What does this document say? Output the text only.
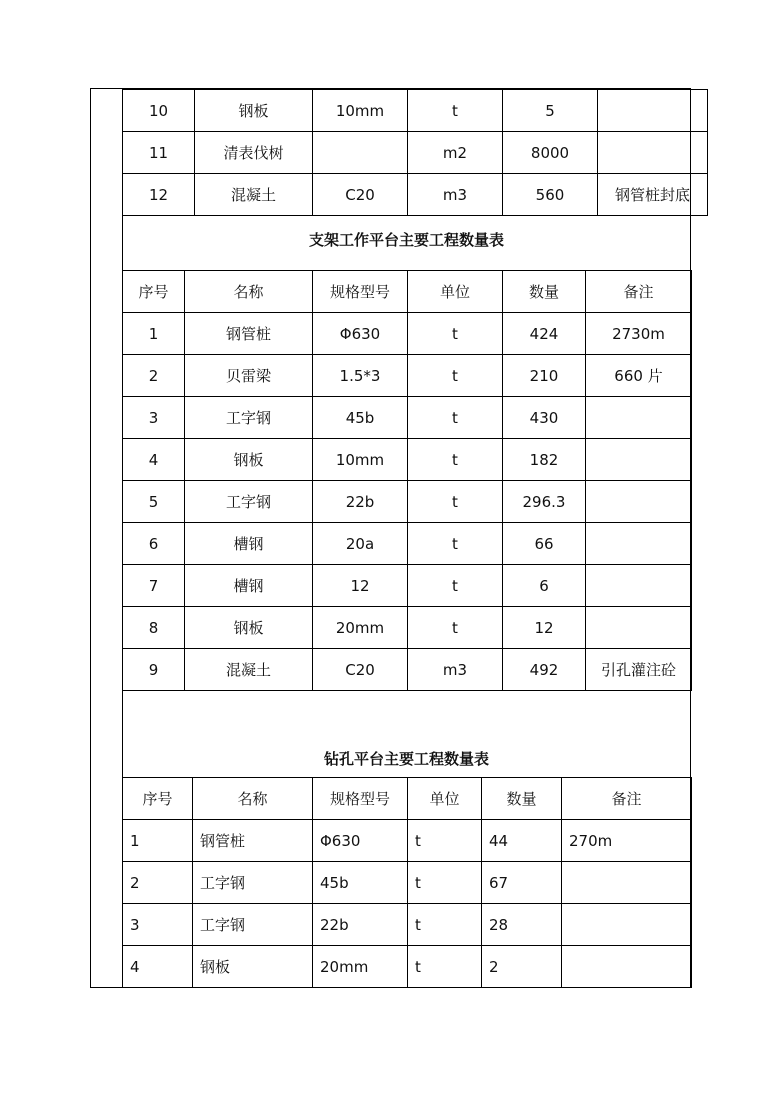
10	钢板	10mm	t	5	
11	清表伐树		m2	8000	
12	混凝土	C20	m3	560	钢管桩封底
支架工作平台主要工程数量表
序号	名称	规格型号	单位	数量	备注
1	钢管桩	Φ630	t	424	2730m
2	贝雷梁	1.5*3	t	210	660 片
3	工字钢	45b	t	430	
4	钢板	10mm	t	182	
5	工字钢	22b	t	296.3	
6	槽钢	20a	t	66	
7	槽钢	12	t	6	
8	钢板	20mm	t	12	
9	混凝土	C20	m3	492	引孔灌注砼
钻孔平台主要工程数量表
序号	名称	规格型号	单位	数量	备注
1	钢管桩	Φ630	t	44	270m
2	工字钢	45b	t	67	
3	工字钢	22b	t	28	
4	钢板	20mm	t	2	
